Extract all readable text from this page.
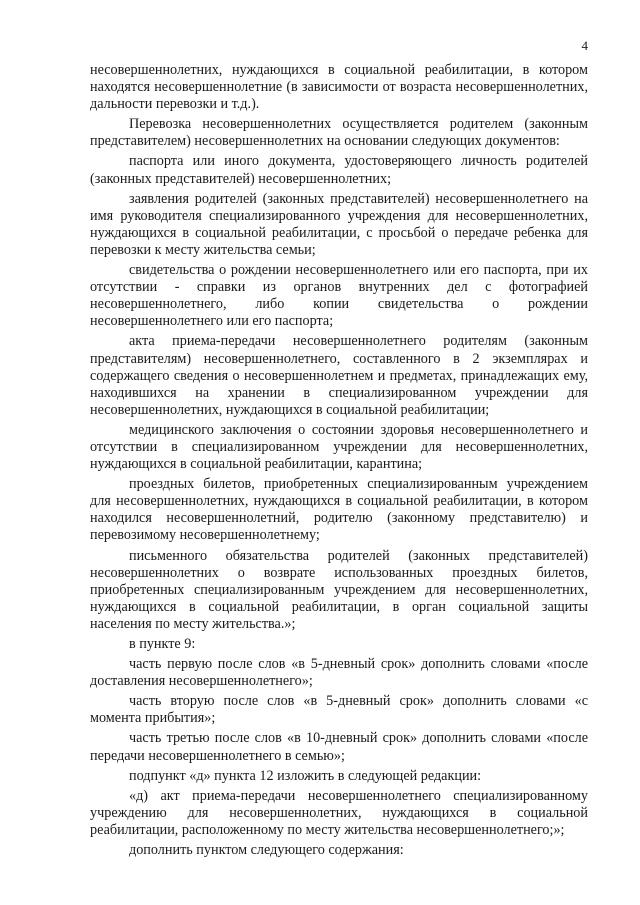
4

несовершеннолетних, нуждающихся в социальной реабилитации, в котором находятся несовершеннолетние (в зависимости от возраста несовершеннолетних, дальности перевозки и т.д.).

Перевозка несовершеннолетних осуществляется родителем (законным представителем) несовершеннолетних на основании следующих документов:

паспорта или иного документа, удостоверяющего личность родителей (законных представителей) несовершеннолетних;

заявления родителей (законных представителей) несовершеннолетнего на имя руководителя специализированного учреждения для несовершеннолетних, нуждающихся в социальной реабилитации, с просьбой о передаче ребенка для перевозки к месту жительства семьи;

свидетельства о рождении несовершеннолетнего или его паспорта, при их отсутствии - справки из органов внутренних дел с фотографией несовершеннолетнего, либо копии свидетельства о рождении несовершеннолетнего или его паспорта;

акта приема-передачи несовершеннолетнего родителям (законным представителям) несовершеннолетнего, составленного в 2 экземплярах и содержащего сведения о несовершеннолетнем и предметах, принадлежащих ему, находившихся на хранении в специализированном учреждении для несовершеннолетних, нуждающихся в социальной реабилитации;

медицинского заключения о состоянии здоровья несовершеннолетнего и отсутствии в специализированном учреждении для несовершеннолетних, нуждающихся в социальной реабилитации, карантина;

проездных билетов, приобретенных специализированным учреждением для несовершеннолетних, нуждающихся в социальной реабилитации, в котором находился несовершеннолетний, родителю (законному представителю) и перевозимому несовершеннолетнему;

письменного обязательства родителей (законных представителей) несовершеннолетних о возврате использованных проездных билетов, приобретенных специализированным учреждением для несовершеннолетних, нуждающихся в социальной реабилитации, в орган социальной защиты населения по месту жительства.»;

в пункте 9:

часть первую после слов «в 5-дневный срок» дополнить словами «после доставления несовершеннолетнего»;

часть вторую после слов «в 5-дневный срок» дополнить словами «с момента прибытия»;

часть третью после слов «в 10-дневный срок» дополнить словами «после передачи несовершеннолетнего в семью»;

подпункт «д» пункта 12 изложить в следующей редакции:

«д) акт приема-передачи несовершеннолетнего специализированному учреждению для несовершеннолетних, нуждающихся в социальной реабилитации, расположенному по месту жительства несовершеннолетнего;»;

дополнить пунктом следующего содержания:
